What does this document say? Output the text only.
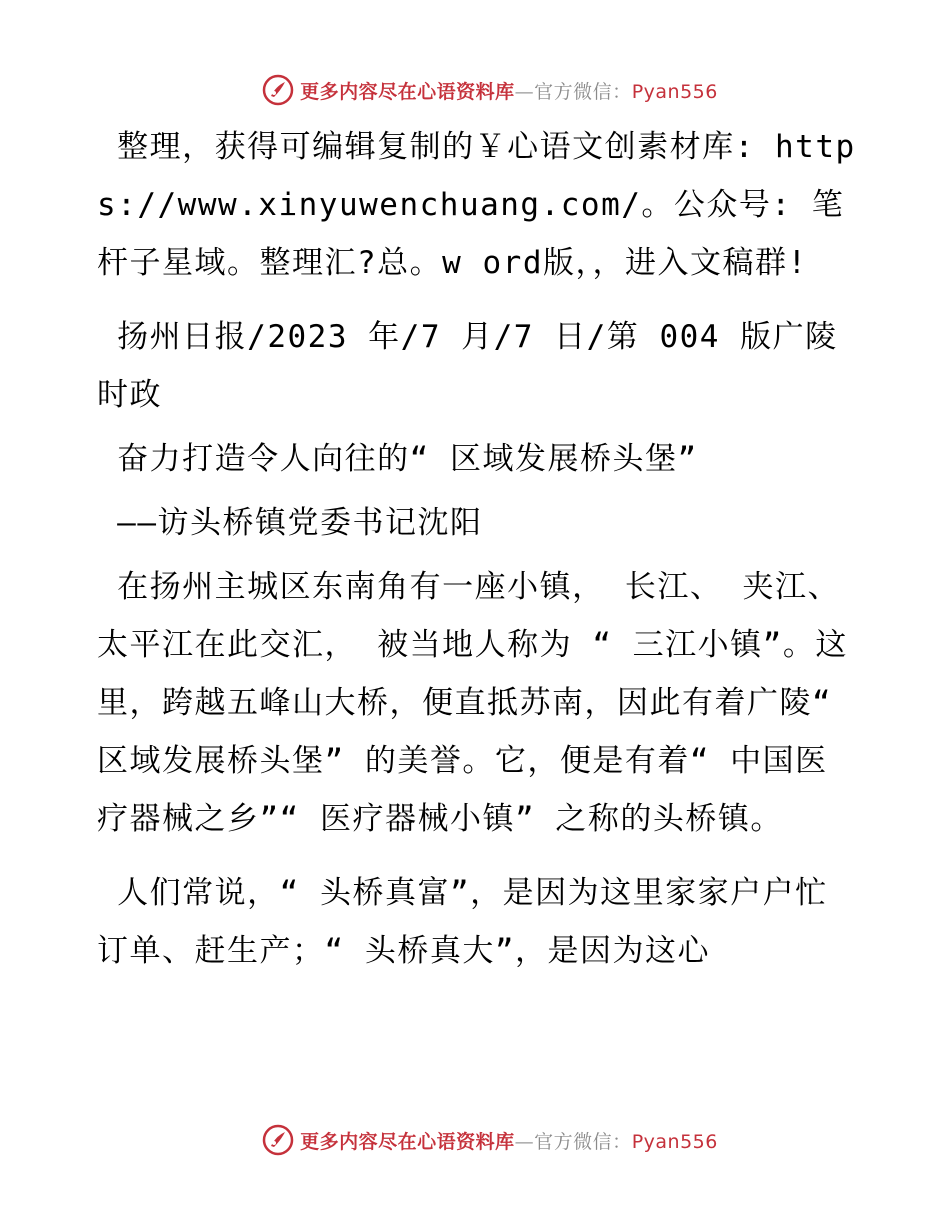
更多内容尽在心语资料库—官方微信：Pyan556

整理，获得可编辑复制的￥心语文创素材库: https://www.xinyuwenchuang.com/。公众号: 笔杆子星域。整理汇?总。w ord版，，进入文稿群!

扬州日报/2023 年/7 月/7 日/第 004 版广陵时政

奋力打造令人向往的“ 区域发展桥头堡”

——访头桥镇党委书记沈阳

在扬州主城区东南角有一座小镇， 长江、 夹江、 太平江在此交汇， 被当地人称为 “ 三江小镇”。这里，跨越五峰山大桥，便直抵苏南，因此有着广陵“ 区域发展桥头堡” 的美誉。它，便是有着“ 中国医疗器械之乡”“ 医疗器械小镇” 之称的头桥镇。

人们常说，“ 头桥真富”，是因为这里家家户户忙订单、赶生产；“ 头桥真大”，是因为这心

更多内容尽在心语资料库—官方微信：Pyan556
